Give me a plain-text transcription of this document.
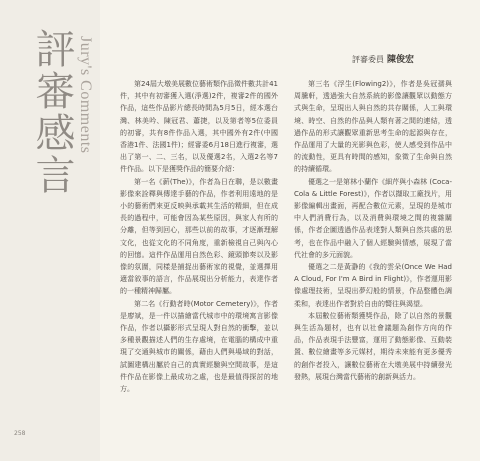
評審感言 Jury's Comments	評審委員 陳俊宏

第24屆大墩美展數位藝術類作品徵件數共計41件，其中有初審獲入選(淨選)2件，複審2件的國外作品，這些作品影片總長時間為5月5日，經本選台灣、林美吟、陳冠君、蕭捷，以及第者等5位委員的初審，共有8件作品入選，其中國外有2件(中國香港1件、法國1件)；經審委6月18日進行複審，選出了第一、二、三名，以及優選2名，入選2名等7件作品。以下是獲獎作品的簡要介紹：

第一名《薪(The)》，作者為日在聯，是以數畫影像來詮釋與傳達手藝的作品，作者利用遠地的是小的藝術們來更反映與承載其生活的精細，但在成長的過程中，可能會因為某些原因，與家人有所的分離，但等到回心，那些以前的故事，才逐漸理解文化，也從文化的不同角度，重新檢視自己與內心的回憶。這件作品運用自然色彩、鏡頭節奏以及影像的氛圍，同樣是捕捉出藝術家的視覺，並選擇用適當敘事的語言，作品展現出分析能力，表達作者的一種精神歸屬。

第二名《行動者時(Motor Cemetery)》，作者是廖斌，是一件以描繪當代城市中的環境寓言影像作品，作者以攝影形式呈現人對自然的衝擊，並以多種景觀描述人們的生存處境，在電腦的構成中重現了交通與城市的關係，藉由人們與場域的對話，試圖建構出屬於自己的真實經驗與空間故事，是這件作品在影像上最成功之處，也是最值得探討的地方。

第三名《浮生(Flowing2)》，作者是吳冠孺與周騰軒，透過強大自然系統的影像讓觀眾以動態方式與生命，呈現出人與自然的共存關係，人工與環境、時空、自然的作品與人類有著之間的連結，透過作品的形式讓觀眾重新思考生命的起源與存在，作品運用了大量的光影與色彩，使人感受到作品中的流動性，更具有時間的感知，象徵了生命與自然的持續循環。

優選之一是第林小蘭作《細芹與小森林 (Coca-Cola & Little Forest)》，作者以擷取工廠找片，用影像編輯出畫面，再配合數位元素，呈現的是城市中人們消費行為，以及消費與環境之間的複雜關係，作者企圖透過作品表達對人類與自然共處的思考，也在作品中融入了個人經驗與情感，展現了當代社會的多元面貌。

優選之二是黃瀞的《我的雲朵(Once We Had A Cloud, For I'm A Bird in Flight)》，作者運用影像處理技術，呈現出夢幻般的情景，作品整體色調柔和，表達出作者對於自由的嚮往與渴望。

本屆數位藝術類獲獎作品，除了以自然的景觀與生活為題材，也有以社會議題為創作方向的作品，作品表現手法豐富，運用了動態影像、互動裝置、數位繪畫等多元媒材，期待未來能有更多優秀的創作者投入，讓數位藝術在大墩美展中持續發光發熱，展現台灣當代藝術的創新與活力。

258
